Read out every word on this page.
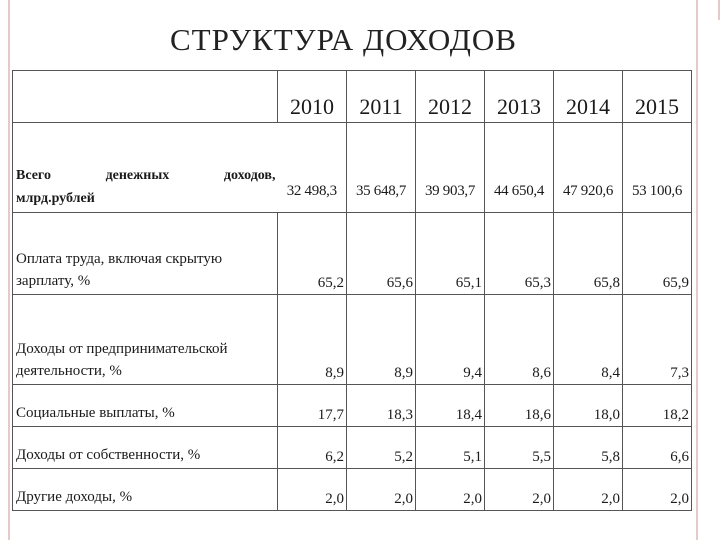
СТРУКТУРА ДОХОДОВ
	2010	2011	2012	2013	2014	2015

Всего денежных доходов,
млрд.рублей	32 498,3	35 648,7	39 903,7	44 650,4	47 920,6	53 100,6
Оплата труда, включая скрытую зарплату, %	65,2	65,6	65,1	65,3	65,8	65,9
Доходы от предпринимательской деятельности, %	8,9	8,9	9,4	8,6	8,4	7,3
Социальные выплаты, %	17,7	18,3	18,4	18,6	18,0	18,2
Доходы от собственности, %	6,2	5,2	5,1	5,5	5,8	6,6
Другие доходы, %	2,0	2,0	2,0	2,0	2,0	2,0
